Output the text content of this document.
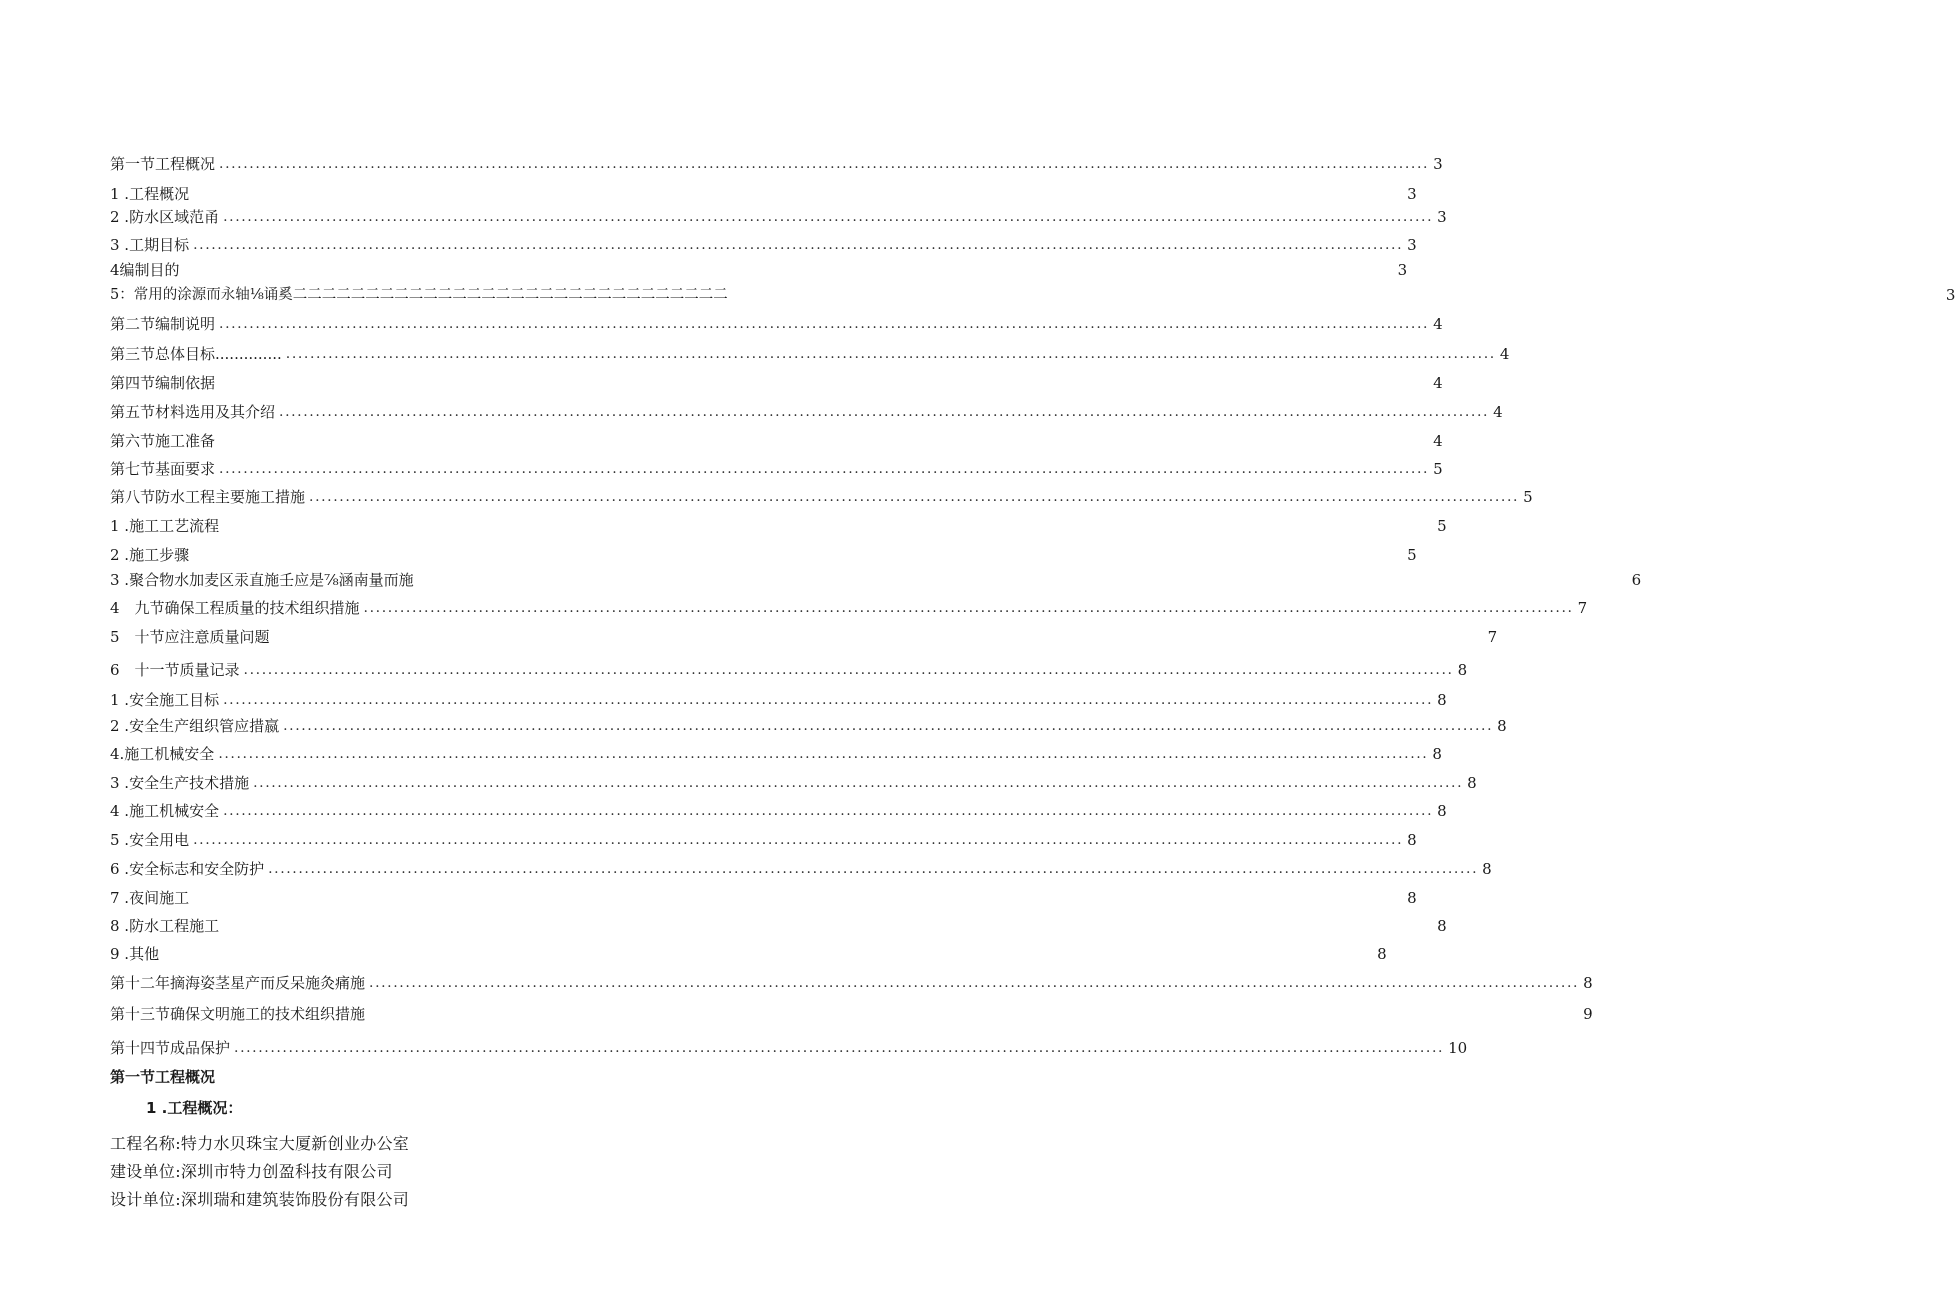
第一节工程概况 ........................................................................................................................................................................................................ 3
1 .工程概况	3
2 .防水区域范甬 ........................................................................................................................................................................................................ 3
3 .工期目标 ........................................................................................................................................................................................................ 3
4编制目的	3
5：常用的涂源而永轴⅛诵奚二二二二二二二二二二二二二二二二二二二二二二二二二二二二二二	3
第二节编制说明 ........................................................................................................................................................................................................ 4
第三节总体目标.............. ........................................................................................................................................................................................................ 4
第四节编制依据	4
第五节材料选用及其介绍 ........................................................................................................................................................................................................ 4
第六节施工准备	4
第七节基面要求 ........................................................................................................................................................................................................ 5
第八节防水工程主要施工措施 ........................................................................................................................................................................................................ 5
1 .施工工艺流程	5
2 .施工步骤	5
3 .聚合物水加麦区汞直施壬应是⅞涵南量而施	6
4　九节确保工程质量的技术组织措施 ........................................................................................................................................................................................................ 7
5　十节应注意质量问题	7
6　十一节质量记录 ........................................................................................................................................................................................................ 8
1 .安全施工目标 ........................................................................................................................................................................................................ 8
2 .安全生产组织管应措嬴 ........................................................................................................................................................................................................ 8
4.施工机械安全 ........................................................................................................................................................................................................ 8
3 .安全生产技术措施 ........................................................................................................................................................................................................ 8
4 .施工机械安全 ........................................................................................................................................................................................................ 8
5 .安全用电 ........................................................................................................................................................................................................ 8
6 .安全标志和安全防护 ........................................................................................................................................................................................................ 8
7 .夜间施工	8
8 .防水工程施工	8
9 .其他	8
第十二年摘海姿茎星产而反呆施灸痛施 ........................................................................................................................................................................................................ 8
第十三节确保文明施工的技术组织措施	9
第十四节成品保护 ........................................................................................................................................................................................................ 10
第一节工程概况
1 .工程概况：
工程名称:特力水贝珠宝大厦新创业办公室
建设单位:深圳市特力创盈科技有限公司
设计单位:深圳瑞和建筑装饰股份有限公司
